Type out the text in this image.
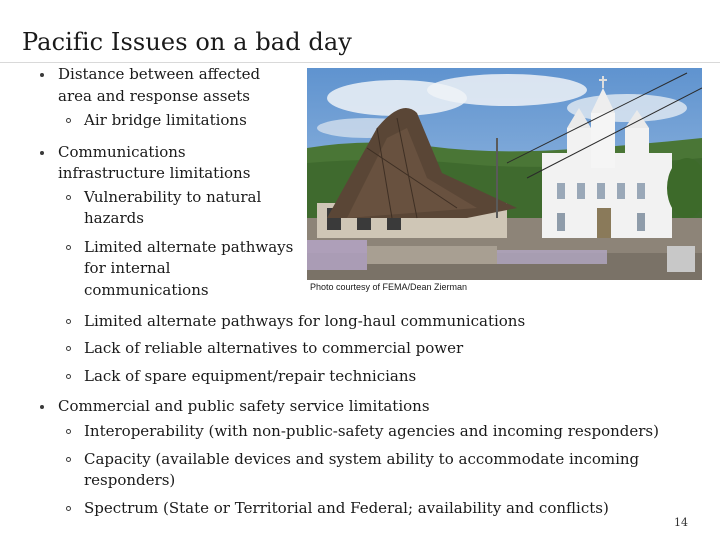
Pacific Issues on a bad day
Distance between affected
area and response assets
Air bridge limitations
Communications
infrastructure limitations
Vulnerability to natural
hazards
Limited alternate pathways
for internal
communications
Limited alternate pathways for long-haul communications
Lack of reliable alternatives to commercial power
Lack of spare equipment/repair technicians
Commercial and public safety service limitations
Interoperability (with non-public-safety agencies and incoming responders)
Capacity (available devices and system ability to accommodate incoming
responders)
Spectrum (State or Territorial and Federal; availability and conflicts)
Photo courtesy of FEMA/Dean Zierman
14
